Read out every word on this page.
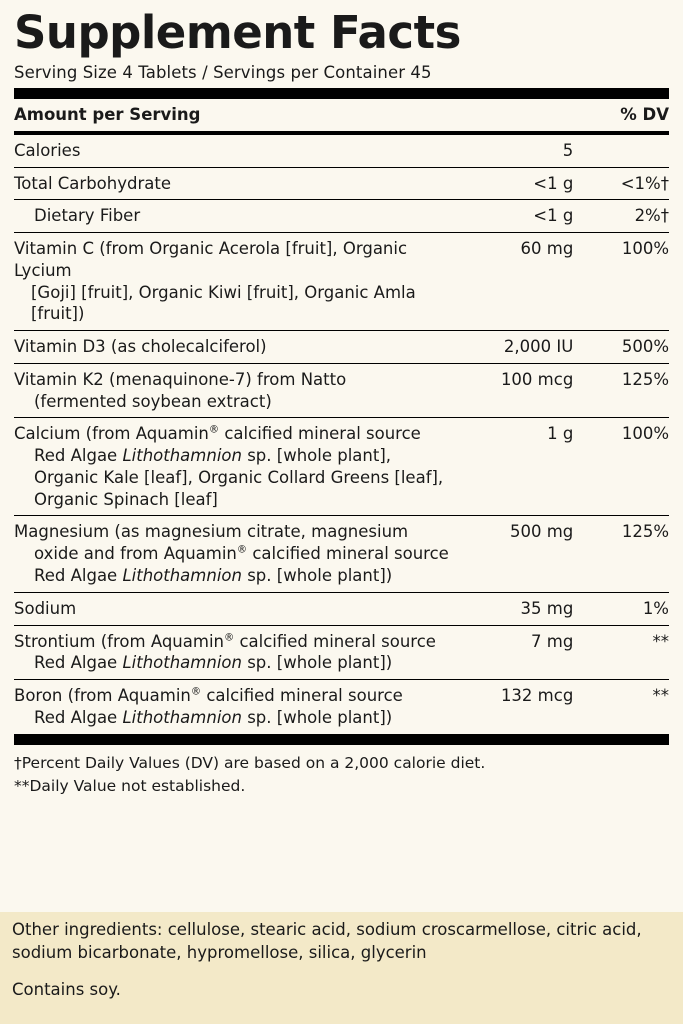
Supplement Facts
Serving Size 4 Tablets / Servings per Container 45
Amount per Serving		% DV
Calories	5	
Total Carbohydrate	<1 g	<1%†
Dietary Fiber	<1 g	2%†
Vitamin C (from Organic Acerola [fruit], Organic Lycium
[Goji] [fruit], Organic Kiwi [fruit], Organic Amla [fruit])	60 mg	100%
Vitamin D3 (as cholecalciferol)	2,000 IU	500%
Vitamin K2 (menaquinone-7) from Natto
(fermented soybean extract)	100 mcg	125%
Calcium (from Aquamin® calcified mineral source
Red Algae Lithothamnion sp. [whole plant],
Organic Kale [leaf], Organic Collard Greens [leaf],
Organic Spinach [leaf]	1 g	100%
Magnesium (as magnesium citrate, magnesium
oxide and from Aquamin® calcified mineral source
Red Algae Lithothamnion sp. [whole plant])	500 mg	125%
Sodium	35 mg	1%
Strontium (from Aquamin® calcified mineral source
Red Algae Lithothamnion sp. [whole plant])	7 mg	**
Boron (from Aquamin® calcified mineral source
Red Algae Lithothamnion sp. [whole plant])	132 mcg	**
†Percent Daily Values (DV) are based on a 2,000 calorie diet.
**Daily Value not established.
Other ingredients: cellulose, stearic acid, sodium croscarmellose, citric acid,
sodium bicarbonate, hypromellose, silica, glycerin
Contains soy.
